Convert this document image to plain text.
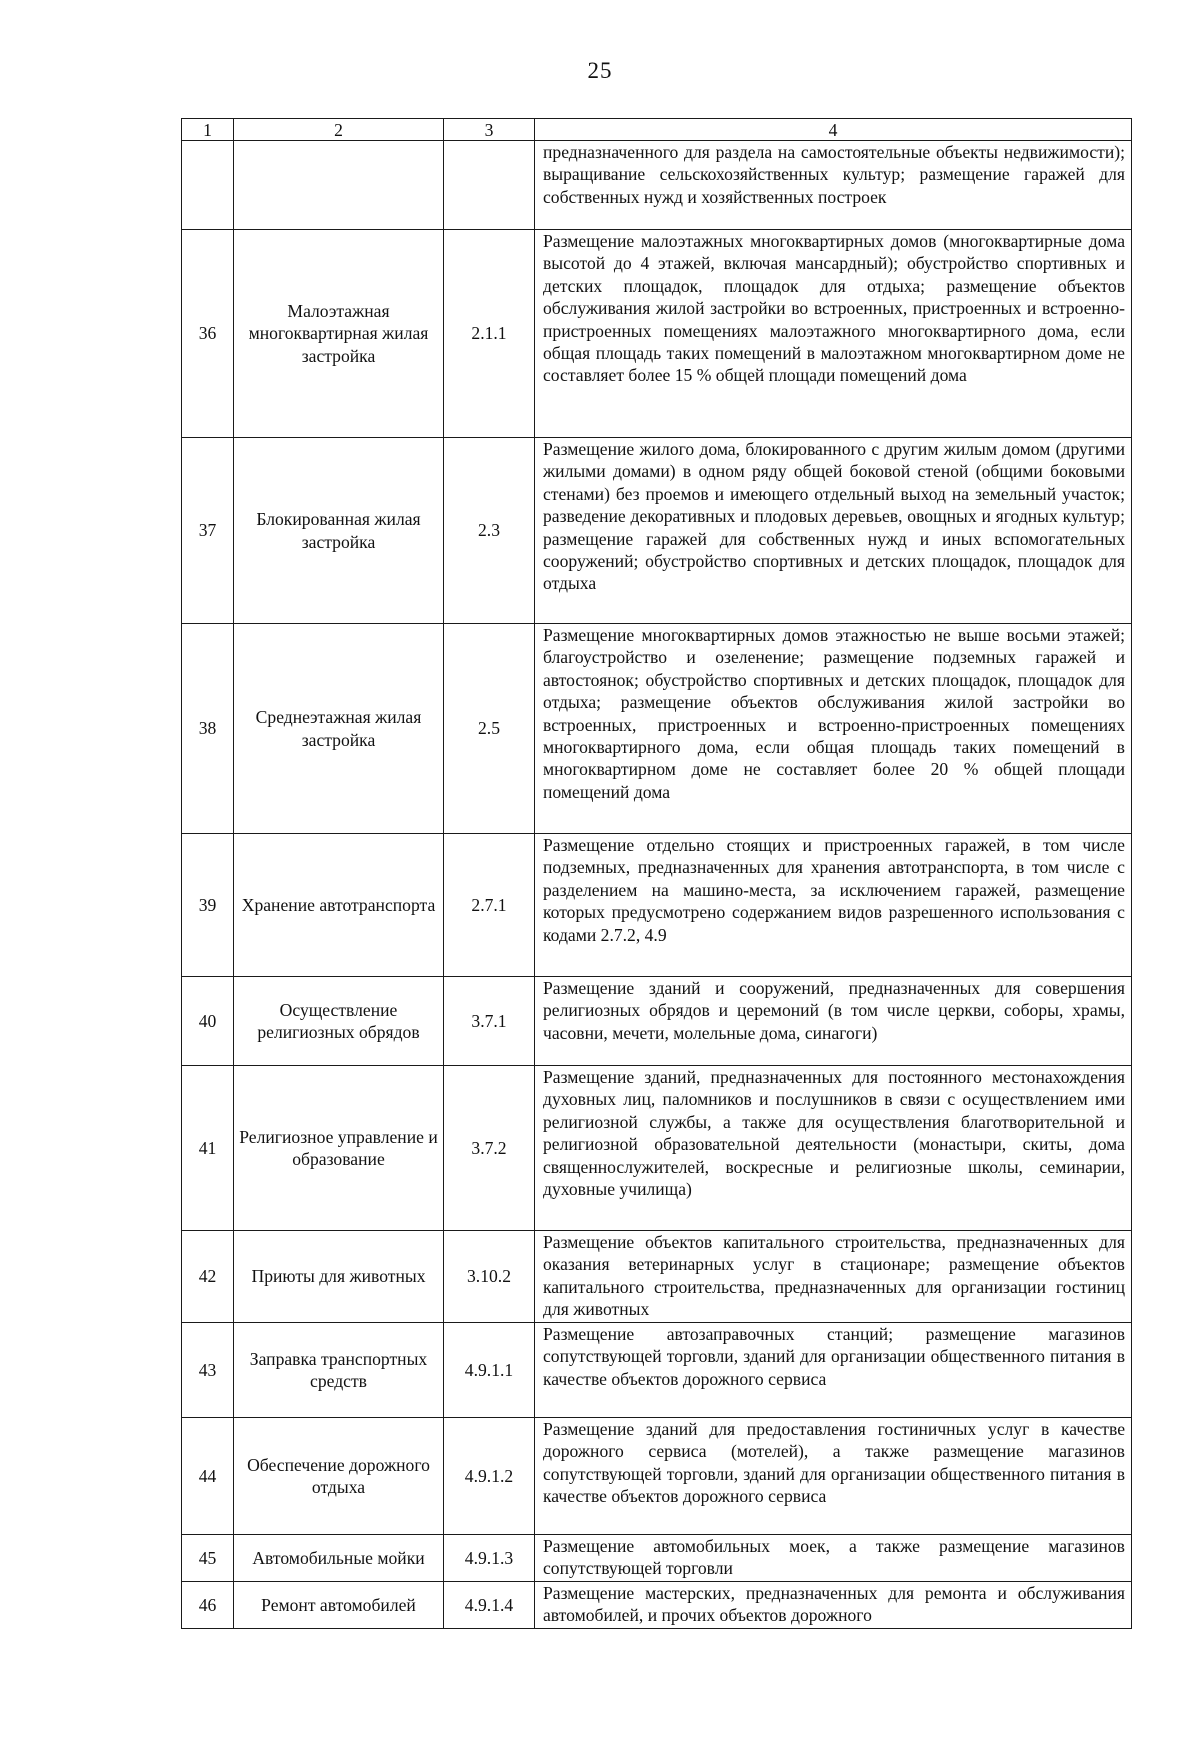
25
1	2	3	4
			предназначенного для раздела на самостоятельные объекты недвижимости); выращивание сельскохозяйственных культур; размещение гаражей для собственных нужд и хозяйственных построек
36	Малоэтажная многоквартирная жилая застройка	2.1.1	Размещение малоэтажных многоквартирных домов (многоквартирные дома высотой до 4 этажей, включая мансардный); обустройство спортивных и детских площадок, площадок для отдыха; размещение объектов обслуживания жилой застройки во встроенных, пристроенных и встроенно-пристроенных помещениях малоэтажного многоквартирного дома, если общая площадь таких помещений в малоэтажном многоквартирном доме не составляет более 15 % общей площади помещений дома
37	Блокированная жилая застройка	2.3	Размещение жилого дома, блокированного с другим жилым домом (другими жилыми домами) в одном ряду общей боковой стеной (общими боковыми стенами) без проемов и имеющего отдельный выход на земельный участок; разведение декоративных и плодовых деревьев, овощных и ягодных культур; размещение гаражей для собственных нужд и иных вспомогательных сооружений; обустройство спортивных и детских площадок, площадок для отдыха
38	Среднеэтажная жилая застройка	2.5	Размещение многоквартирных домов этажностью не выше восьми этажей; благоустройство и озеленение; размещение подземных гаражей и автостоянок; обустройство спортивных и детских площадок, площадок для отдыха; размещение объектов обслуживания жилой застройки во встроенных, пристроенных и встроенно-пристроенных помещениях многоквартирного дома, если общая площадь таких помещений в многоквартирном доме не составляет более 20 % общей площади помещений дома
39	Хранение автотранспорта	2.7.1	Размещение отдельно стоящих и пристроенных гаражей, в том числе подземных, предназначенных для хранения автотранспорта, в том числе с разделением на машино-места, за исключением гаражей, размещение которых предусмотрено содержанием видов разрешенного использования с кодами 2.7.2, 4.9
40	Осуществление религиозных обрядов	3.7.1	Размещение зданий и сооружений, предназначенных для совершения религиозных обрядов и церемоний (в том числе церкви, соборы, храмы, часовни, мечети, молельные дома, синагоги)
41	Религиозное управление и образование	3.7.2	Размещение зданий, предназначенных для постоянного местонахождения духовных лиц, паломников и послушников в связи с осуществлением ими религиозной службы, а также для осуществления благотворительной и религиозной образовательной деятельности (монастыри, скиты, дома священнослужителей, воскресные и религиозные школы, семинарии, духовные училища)
42	Приюты для животных	3.10.2	Размещение объектов капитального строительства, предназначенных для оказания ветеринарных услуг в стационаре; размещение объектов капитального строительства, предназначенных для организации гостиниц для животных
43	Заправка транспортных средств	4.9.1.1	Размещение автозаправочных станций; размещение магазинов сопутствующей торговли, зданий для организации общественного питания в качестве объектов дорожного сервиса
44	Обеспечение дорожного отдыха	4.9.1.2	Размещение зданий для предоставления гостиничных услуг в качестве дорожного сервиса (мотелей), а также размещение магазинов сопутствующей торговли, зданий для организации общественного питания в качестве объектов дорожного сервиса
45	Автомобильные мойки	4.9.1.3	Размещение автомобильных моек, а также размещение магазинов сопутствующей торговли
46	Ремонт автомобилей	4.9.1.4	Размещение мастерских, предназначенных для ремонта и обслуживания автомобилей, и прочих объектов дорожного
